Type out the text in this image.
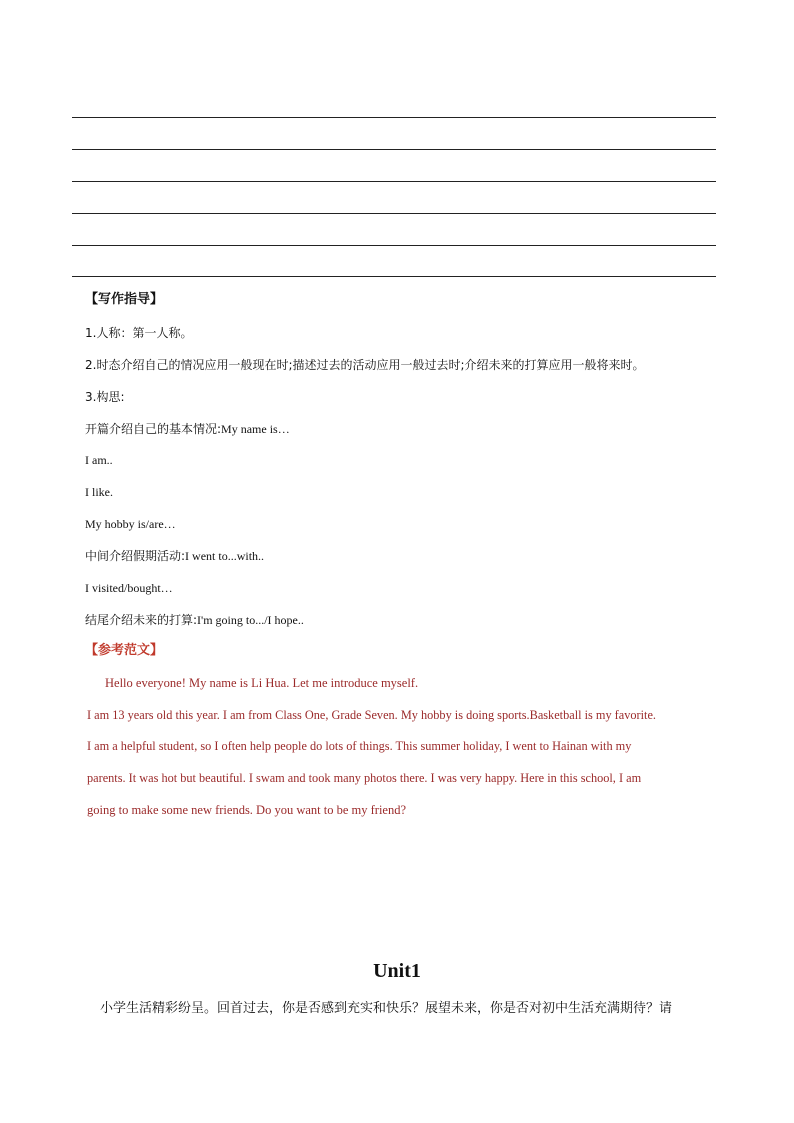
【写作指导】
1.人称：第一人称。
2.时态介绍自己的情况应用一般现在时;描述过去的活动应用一般过去时;介绍未来的打算应用一般将来时。
3.构思:
开篇介绍自己的基本情况:My name is…
I am..
I like.
My hobby is/are…
中间介绍假期活动:I went to...with..
I visited/bought…
结尾介绍未来的打算:I'm going to.../I hope..
【参考范文】

Hello everyone! My name is Li Hua. Let me introduce myself.

I am 13 years old this year. I am from Class One, Grade Seven. My hobby is doing sports.Basketball is my favorite.

I am a helpful student, so I often help people do lots of things. This summer holiday, I went to Hainan with my

parents. It was hot but beautiful. I swam and took many photos there. I was very happy. Here in this school, I am

going to make some new friends. Do you want to be my friend?

Unit1
小学生活精彩纷呈。回首过去，你是否感到充实和快乐？展望未来，你是否对初中生活充满期待？请
